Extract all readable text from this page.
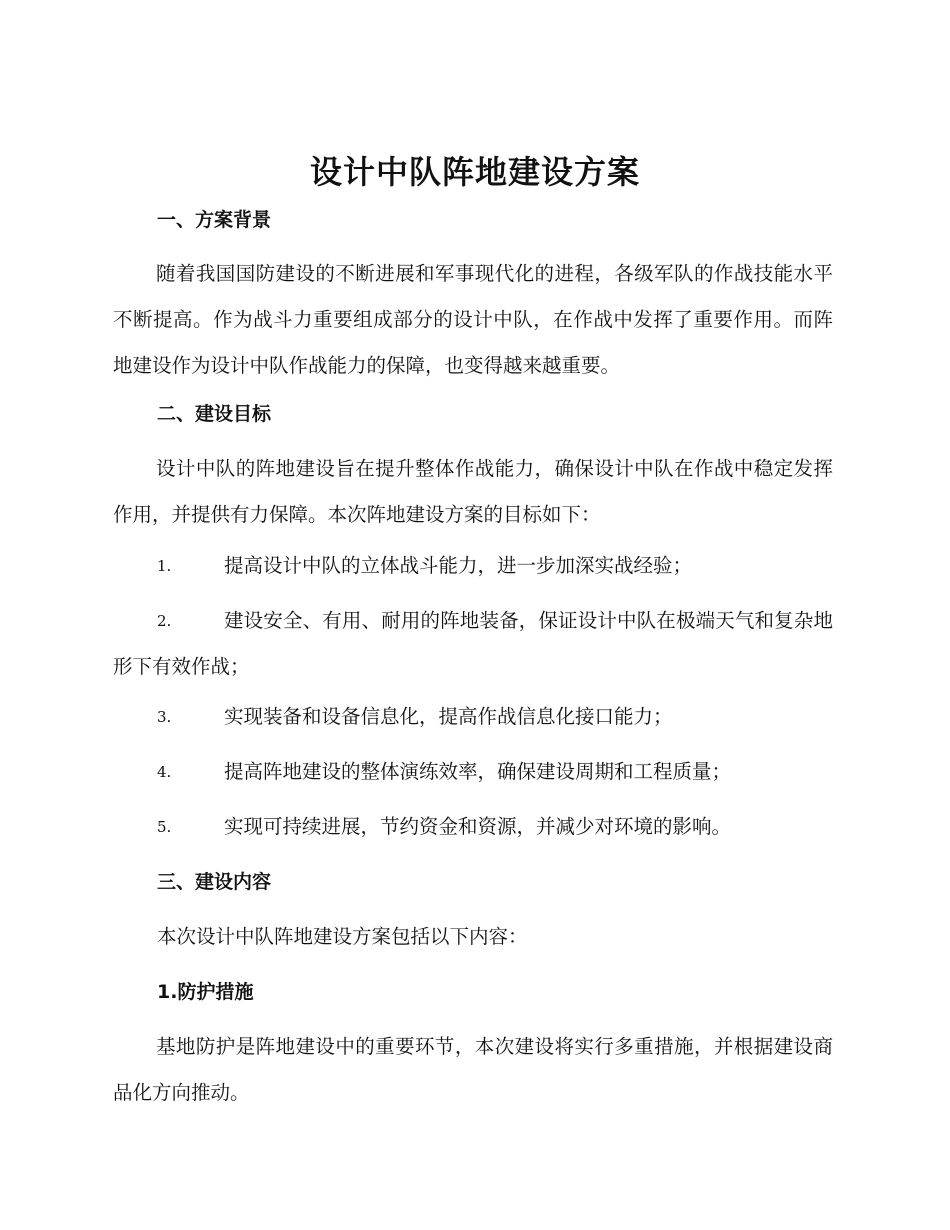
设计中队阵地建设方案
一、方案背景

随着我国国防建设的不断进展和军事现代化的进程，各级军队的作战技能水平不断提高。作为战斗力重要组成部分的设计中队，在作战中发挥了重要作用。而阵地建设作为设计中队作战能力的保障，也变得越来越重要。

二、建设目标

设计中队的阵地建设旨在提升整体作战能力，确保设计中队在作战中稳定发挥作用，并提供有力保障。本次阵地建设方案的目标如下：

1.	提高设计中队的立体战斗能力，进一步加深实战经验；
2.	建设安全、有用、耐用的阵地装备，保证设计中队在极端天气和复杂地形下有效作战；
3.	实现装备和设备信息化，提高作战信息化接口能力；
4.	提高阵地建设的整体演练效率，确保建设周期和工程质量；
5.	实现可持续进展，节约资金和资源，并减少对环境的影响。
三、建设内容
本次设计中队阵地建设方案包括以下内容：
1.防护措施

基地防护是阵地建设中的重要环节，本次建设将实行多重措施，并根据建设商品化方向推动。
